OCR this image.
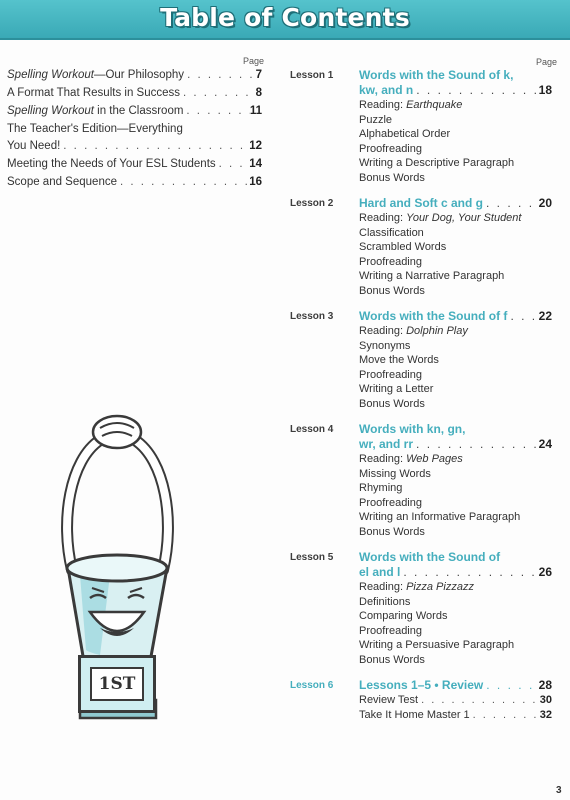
Table of Contents
Page
Spelling Workout—Our Philosophy . . .	7
A Format That Results in Success . . .	8
Spelling Workout in the Classroom . . .	11
The Teacher's Edition—Everything
You Need! . . .	12
Meeting the Needs of Your ESL Students . . .	14
Scope and Sequence . . .	16
1ST
Page
Lesson 1 Words with the Sound of k,
kw, and n . . .	18
Reading: Earthquake
Puzzle
Alphabetical Order
Proofreading
Writing a Descriptive Paragraph
Bonus Words
Lesson 2 Hard and Soft c and g . . .	20
Reading: Your Dog, Your Student
Classification
Scrambled Words
Proofreading
Writing a Narrative Paragraph
Bonus Words
Lesson 3 Words with the Sound of f . . .	22
Reading: Dolphin Play
Synonyms
Move the Words
Proofreading
Writing a Letter
Bonus Words
Lesson 4 Words with kn, gn,
wr, and rr . . .	24
Reading: Web Pages
Missing Words
Rhyming
Proofreading
Writing an Informative Paragraph
Bonus Words
Lesson 5 Words with the Sound of
el and l . . .	26
Reading: Pizza Pizzazz
Definitions
Comparing Words
Proofreading
Writing a Persuasive Paragraph
Bonus Words
Lesson 6 Lessons 1–5 • Review . . .	28
Review Test . . .	30
Take It Home Master 1 . . .	32
3
